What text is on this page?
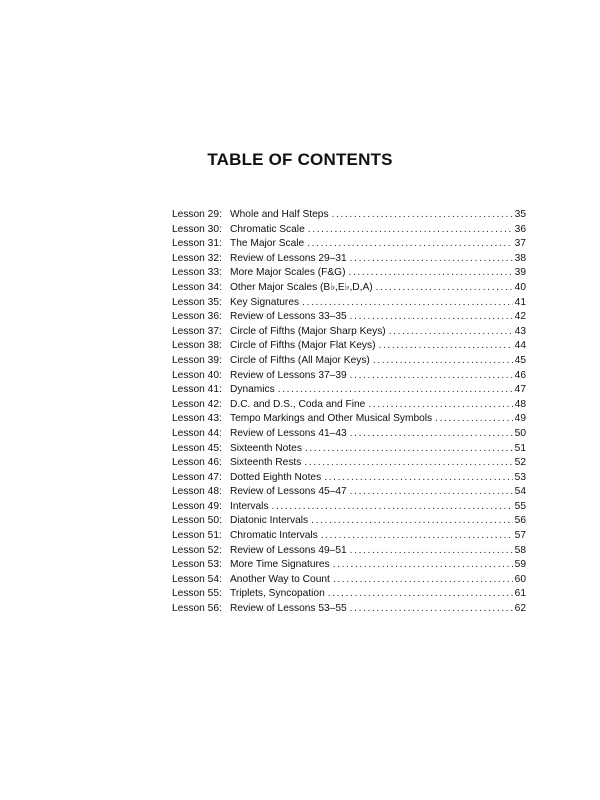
TABLE OF CONTENTS
Lesson 29: Whole and Half Steps . . .	35
Lesson 30: Chromatic Scale . . .	36
Lesson 31: The Major Scale . . .	37
Lesson 32: Review of Lessons 29–31 . . .	38
Lesson 33: More Major Scales (F&G) . . .	39
Lesson 34: Other Major Scales (B♭,E♭,D,A) . . .	40
Lesson 35: Key Signatures . . .	41
Lesson 36: Review of Lessons 33–35 . . .	42
Lesson 37: Circle of Fifths (Major Sharp Keys) . . .	43
Lesson 38: Circle of Fifths (Major Flat Keys) . . .	44
Lesson 39: Circle of Fifths (All Major Keys) . . .	45
Lesson 40: Review of Lessons 37–39 . . .	46
Lesson 41: Dynamics . . .	47
Lesson 42: D.C. and D.S., Coda and Fine . . .	48
Lesson 43: Tempo Markings and Other Musical Symbols . . .	49
Lesson 44: Review of Lessons 41–43 . . .	50
Lesson 45: Sixteenth Notes . . .	51
Lesson 46: Sixteenth Rests . . .	52
Lesson 47: Dotted Eighth Notes . . .	53
Lesson 48: Review of Lessons 45–47 . . .	54
Lesson 49: Intervals . . .	55
Lesson 50: Diatonic Intervals . . .	56
Lesson 51: Chromatic Intervals . . .	57
Lesson 52: Review of Lessons 49–51 . . .	58
Lesson 53: More Time Signatures . . .	59
Lesson 54: Another Way to Count . . .	60
Lesson 55: Triplets, Syncopation . . .	61
Lesson 56: Review of Lessons 53–55 . . .	62
